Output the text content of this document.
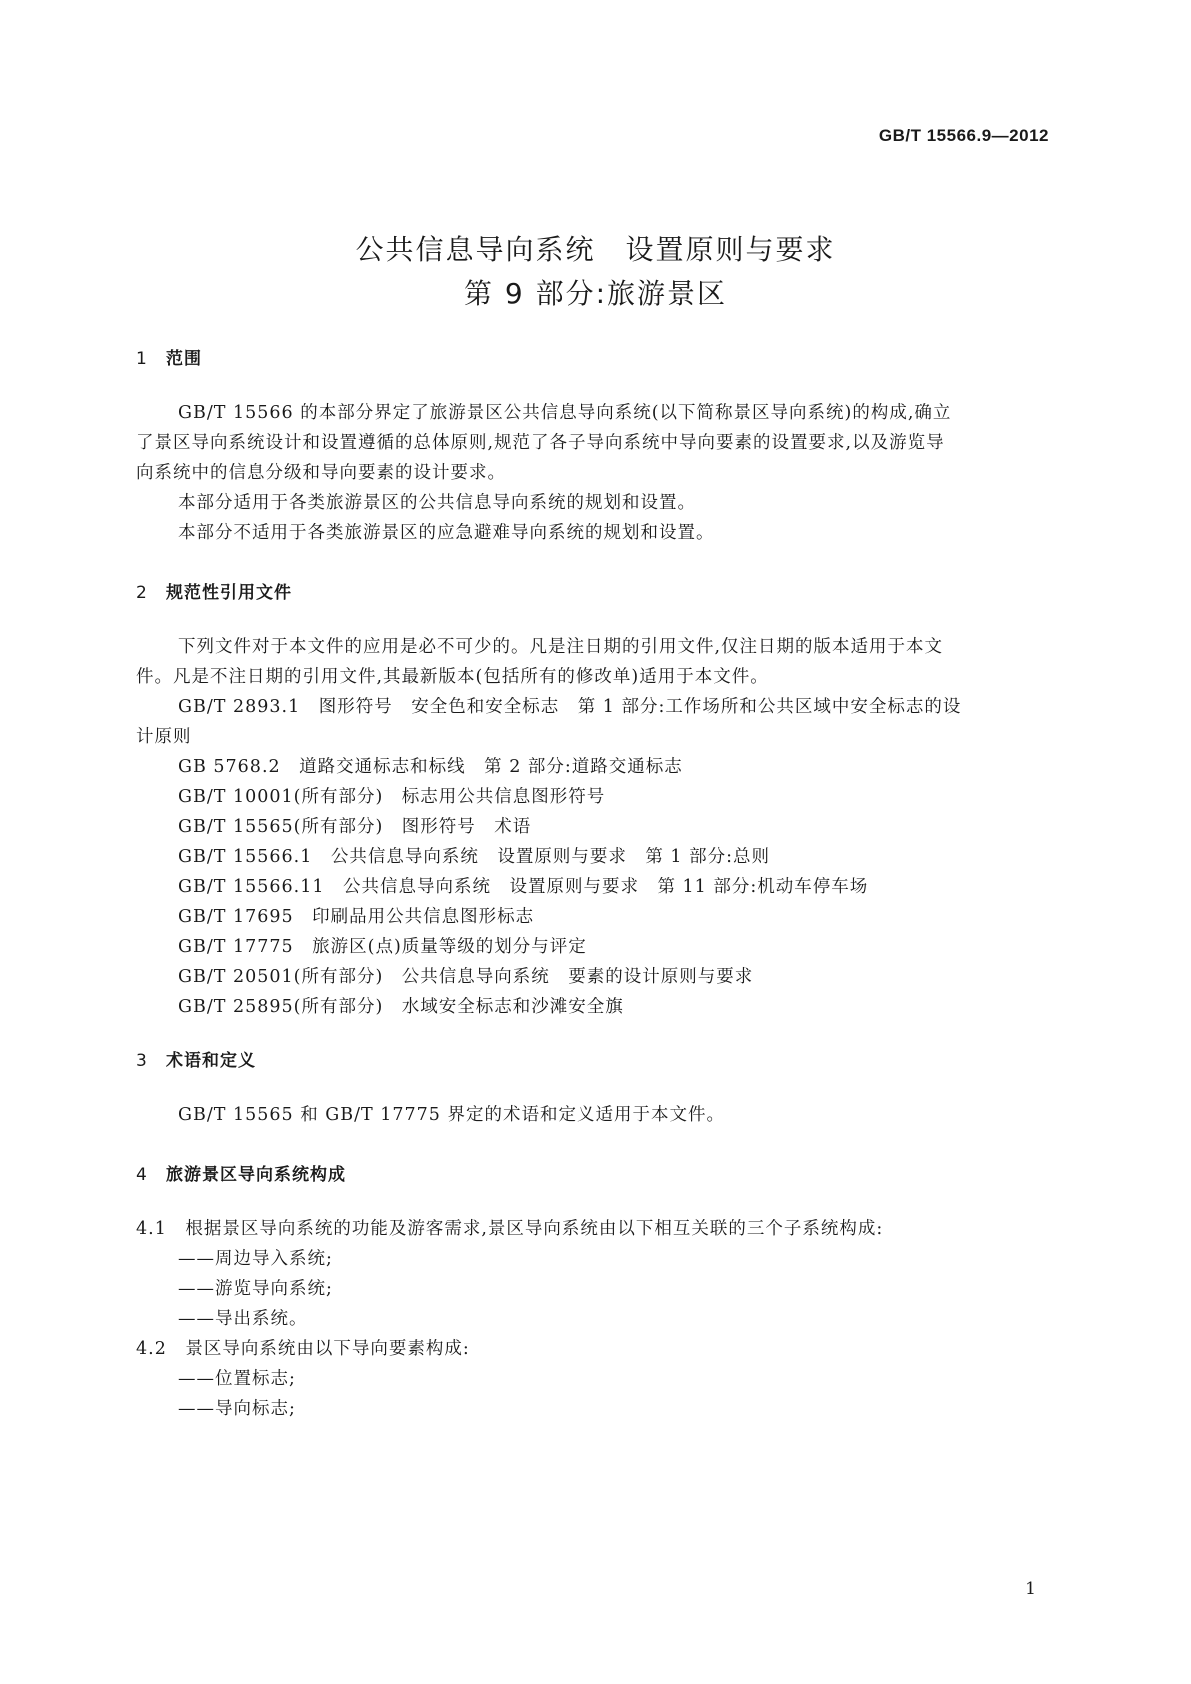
GB/T 15566.9—2012

公共信息导向系统　设置原则与要求
第 9 部分:旅游景区
1 范围

GB/T 15566 的本部分界定了旅游景区公共信息导向系统(以下简称景区导向系统)的构成,确立

了景区导向系统设计和设置遵循的总体原则,规范了各子导向系统中导向要素的设置要求,以及游览导

向系统中的信息分级和导向要素的设计要求。

本部分适用于各类旅游景区的公共信息导向系统的规划和设置。

本部分不适用于各类旅游景区的应急避难导向系统的规划和设置。

2 规范性引用文件

下列文件对于本文件的应用是必不可少的。凡是注日期的引用文件,仅注日期的版本适用于本文

件。凡是不注日期的引用文件,其最新版本(包括所有的修改单)适用于本文件。

GB/T 2893.1　图形符号　安全色和安全标志　第 1 部分:工作场所和公共区域中安全标志的设

计原则

GB 5768.2　道路交通标志和标线　第 2 部分:道路交通标志

GB/T 10001(所有部分)　标志用公共信息图形符号

GB/T 15565(所有部分)　图形符号　术语

GB/T 15566.1　公共信息导向系统　设置原则与要求　第 1 部分:总则

GB/T 15566.11　公共信息导向系统　设置原则与要求　第 11 部分:机动车停车场

GB/T 17695　印刷品用公共信息图形标志

GB/T 17775　旅游区(点)质量等级的划分与评定

GB/T 20501(所有部分)　公共信息导向系统　要素的设计原则与要求

GB/T 25895(所有部分)　水域安全标志和沙滩安全旗

3 术语和定义

GB/T 15565 和 GB/T 17775 界定的术语和定义适用于本文件。

4 旅游景区导向系统构成

4.1　根据景区导向系统的功能及游客需求,景区导向系统由以下相互关联的三个子系统构成:

——周边导入系统;

——游览导向系统;

——导出系统。

4.2　景区导向系统由以下导向要素构成:

——位置标志;

——导向标志;

1
